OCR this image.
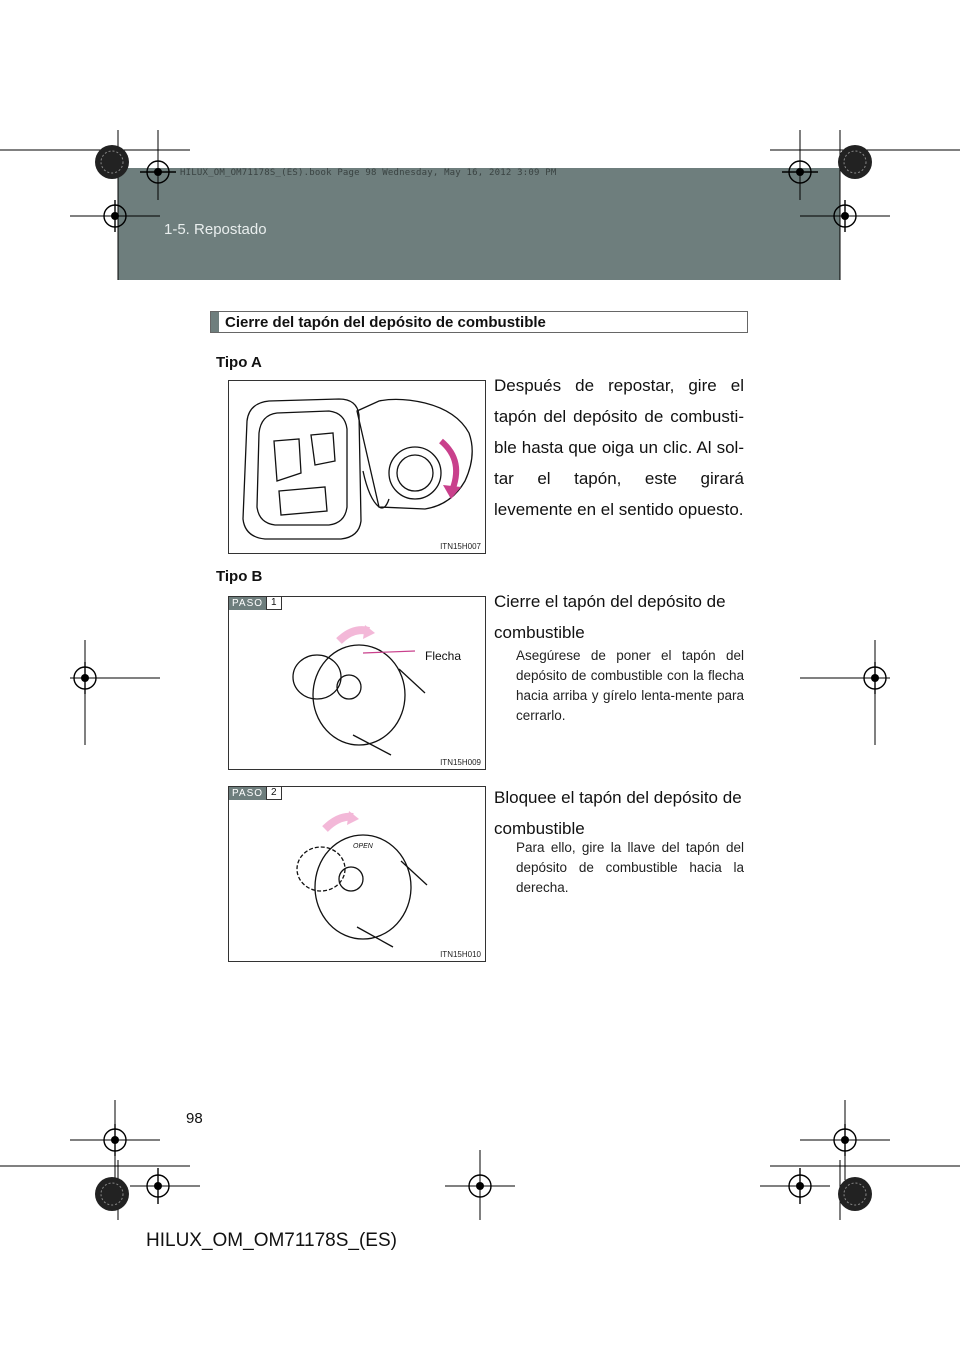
1-5. Repostado
HILUX_OM_OM71178S_(ES).book Page 98 Wednesday, May 16, 2012 3:09 PM
Cierre del tapón del depósito de combustible
Tipo A
ITN15H007
Después de repostar, gire el tapón del depósito de combusti-ble hasta que oiga un clic. Al sol-tar el tapón, este girará levemente en el sentido opuesto.
Tipo B
PASO 1
Flecha
ITN15H009
Cierre el tapón del depósito de combustible
Asegúrese de poner el tapón del depósito de combustible con la flecha hacia arriba y gírelo lenta-mente para cerrarlo.
PASO 2
OPEN
ITN15H010
Bloquee el tapón del depósito de combustible
Para ello, gire la llave del tapón del depósito de combustible hacia la derecha.
98
HILUX_OM_OM71178S_(ES)
